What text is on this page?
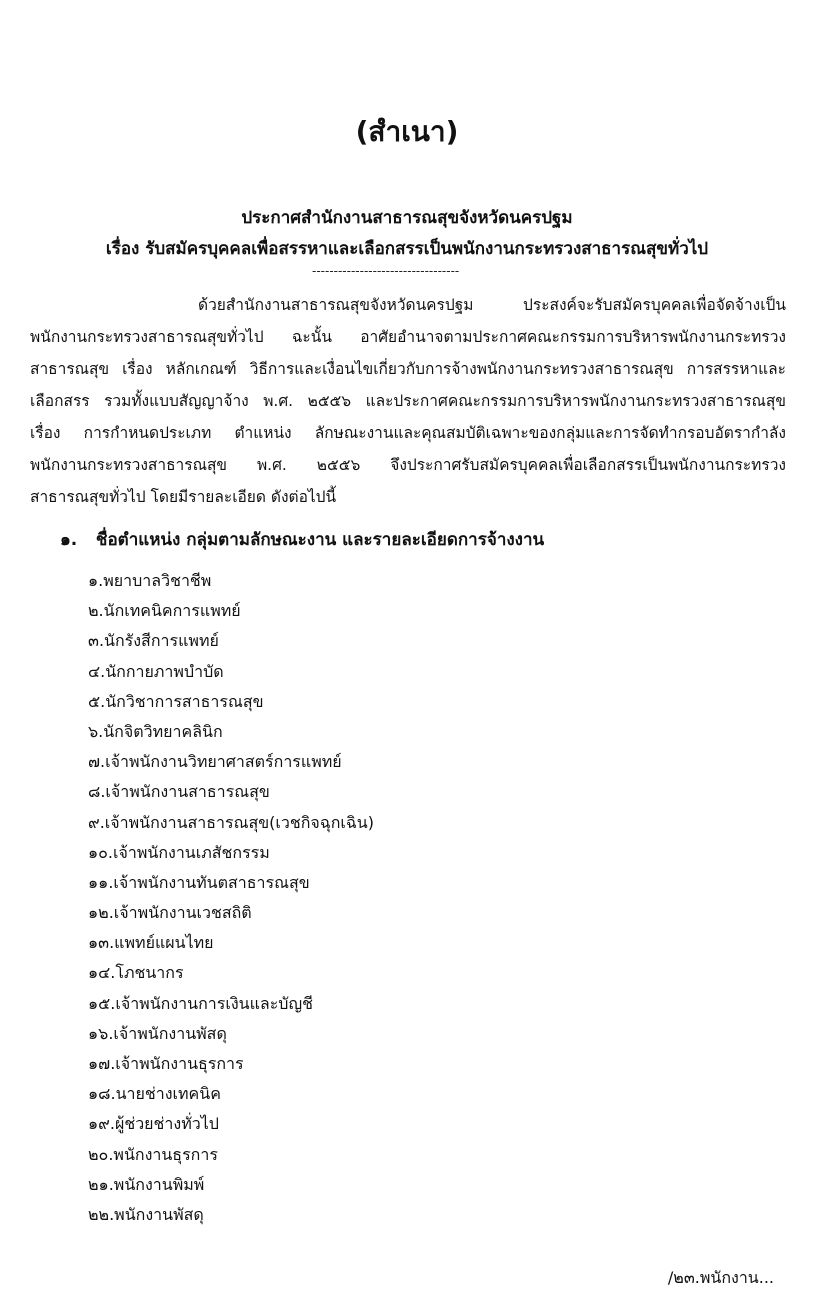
(สำเนา)
ประกาศสำนักงานสาธารณสุขจังหวัดนครปฐม
เรื่อง รับสมัครบุคคลเพื่อสรรหาและเลือกสรรเป็นพนักงานกระทรวงสาธารณสุขทั่วไป
----------------------------------
ด้วยสำนักงานสาธารณสุขจังหวัดนครปฐม ประสงค์จะรับสมัครบุคคลเพื่อจัดจ้างเป็น
พนักงานกระทรวงสาธารณสุขทั่วไป ฉะนั้น อาศัยอำนาจตามประกาศคณะกรรมการบริหารพนักงานกระทรวง
สาธารณสุข เรื่อง หลักเกณฑ์ วิธีการและเงื่อนไขเกี่ยวกับการจ้างพนักงานกระทรวงสาธารณสุข การสรรหาและ
เลือกสรร รวมทั้งแบบสัญญาจ้าง พ.ศ. ๒๕๕๖ และประกาศคณะกรรมการบริหารพนักงานกระทรวงสาธารณสุข
เรื่อง การกำหนดประเภท ตำแหน่ง ลักษณะงานและคุณสมบัติเฉพาะของกลุ่มและการจัดทำกรอบอัตรากำลัง
พนักงานกระทรวงสาธารณสุข พ.ศ. ๒๕๕๖ จึงประกาศรับสมัครบุคคลเพื่อเลือกสรรเป็นพนักงานกระทรวง
สาธารณสุขทั่วไป โดยมีรายละเอียด ดังต่อไปนี้
๑. ชื่อตำแหน่ง กลุ่มตามลักษณะงาน และรายละเอียดการจ้างงาน
๑.พยาบาลวิชาชีพ
๒.นักเทคนิคการแพทย์
๓.นักรังสีการแพทย์
๔.นักกายภาพบำบัด
๕.นักวิชาการสาธารณสุข
๖.นักจิตวิทยาคลินิก
๗.เจ้าพนักงานวิทยาศาสตร์การแพทย์
๘.เจ้าพนักงานสาธารณสุข
๙.เจ้าพนักงานสาธารณสุข(เวชกิจฉุกเฉิน)
๑๐.เจ้าพนักงานเภสัชกรรม
๑๑.เจ้าพนักงานทันตสาธารณสุข
๑๒.เจ้าพนักงานเวชสถิติ
๑๓.แพทย์แผนไทย
๑๔.โภชนากร
๑๕.เจ้าพนักงานการเงินและบัญชี
๑๖.เจ้าพนักงานพัสดุ
๑๗.เจ้าพนักงานธุรการ
๑๘.นายช่างเทคนิค
๑๙.ผู้ช่วยช่างทั่วไป
๒๐.พนักงานธุรการ
๒๑.พนักงานพิมพ์
๒๒.พนักงานพัสดุ
/๒๓.พนักงาน...
